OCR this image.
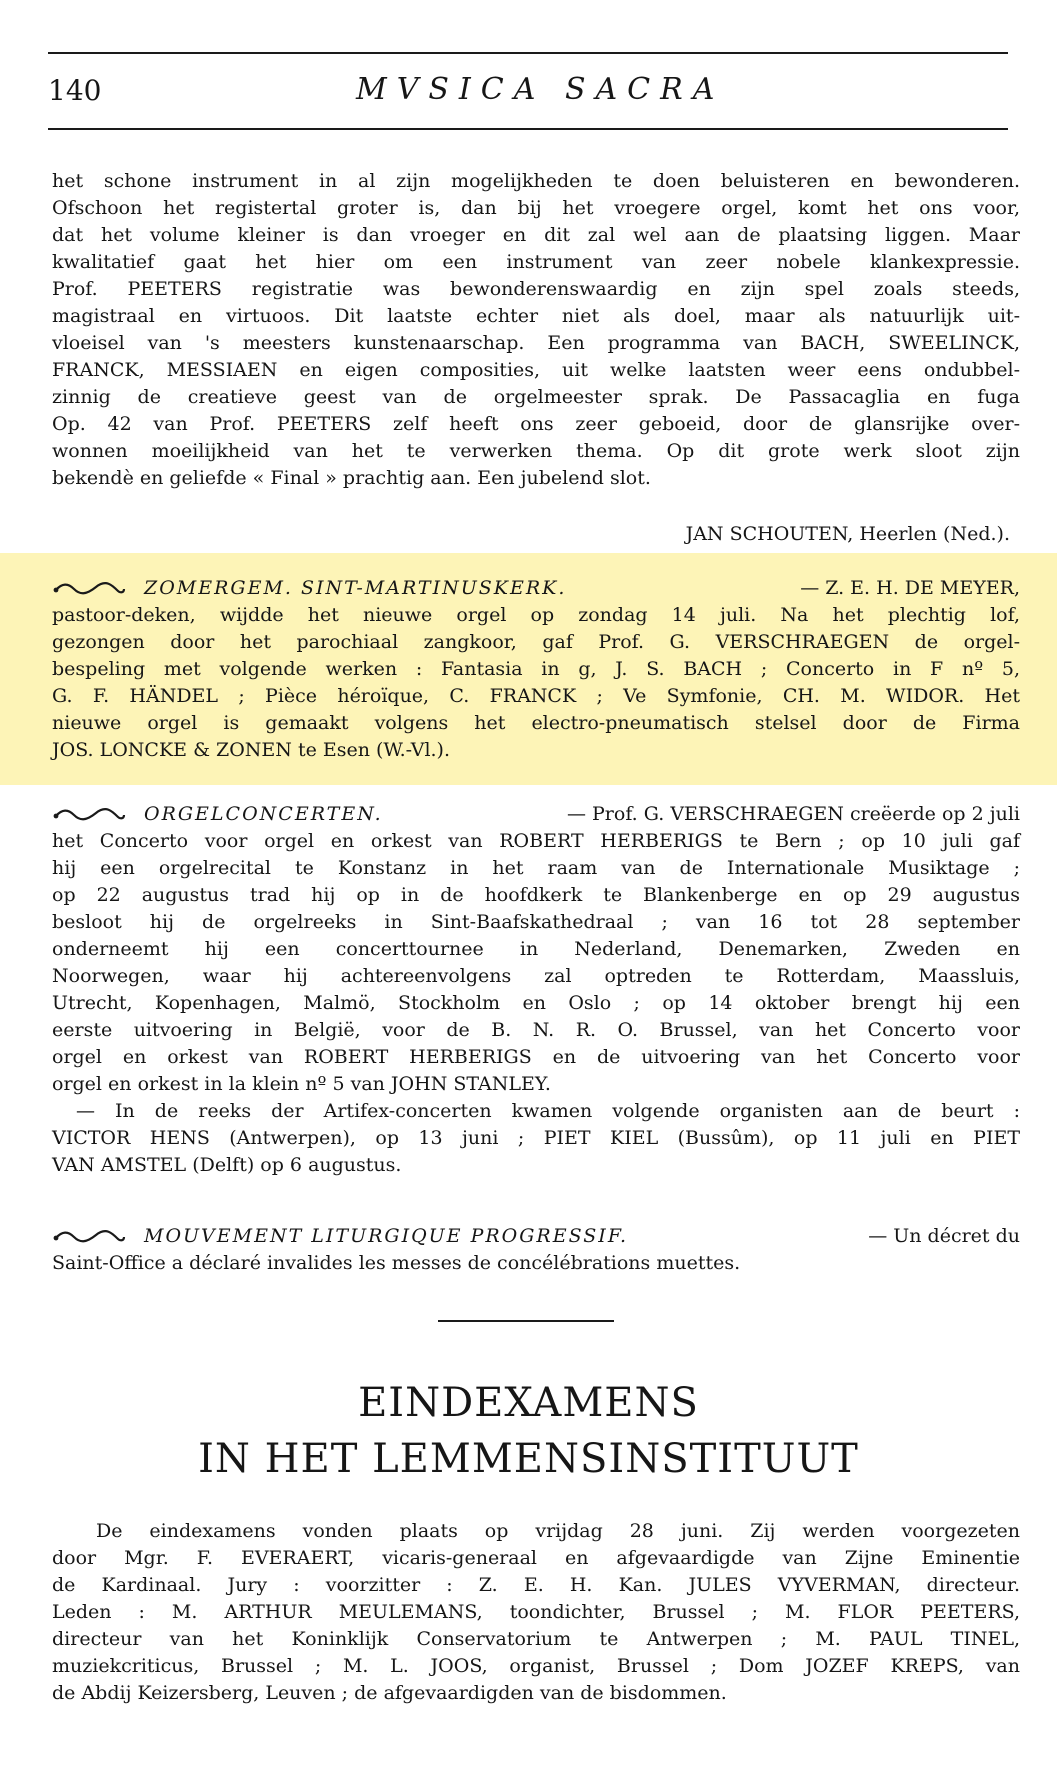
140	MVSICA SACRA
het schone instrument in al zijn mogelijkheden te doen beluisteren en bewonderen.
Ofschoon het registertal groter is, dan bij het vroegere orgel, komt het ons voor,
dat het volume kleiner is dan vroeger en dit zal wel aan de plaatsing liggen. Maar
kwalitatief gaat het hier om een instrument van zeer nobele klankexpressie.
Prof. PEETERS registratie was bewonderenswaardig en zijn spel zoals steeds,
magistraal en virtuoos. Dit laatste echter niet als doel, maar als natuurlijk uit-
vloeisel van 's meesters kunstenaarschap. Een programma van BACH, SWEELINCK,
FRANCK, MESSIAEN en eigen composities, uit welke laatsten weer eens ondubbel-
zinnig de creatieve geest van de orgelmeester sprak. De Passacaglia en fuga
Op. 42 van Prof. PEETERS zelf heeft ons zeer geboeid, door de glansrijke over-
wonnen moeilijkheid van het te verwerken thema. Op dit grote werk sloot zijn
bekendè en geliefde « Final » prachtig aan. Een jubelend slot.
JAN SCHOUTEN, Heerlen (Ned.).
ZOMERGEM. SINT-MARTINUSKERK.	— Z. E. H. DE MEYER,
pastoor-deken, wijdde het nieuwe orgel op zondag 14 juli. Na het plechtig lof,
gezongen door het parochiaal zangkoor, gaf Prof. G. VERSCHRAEGEN de orgel-
bespeling met volgende werken : Fantasia in g, J. S. BACH ; Concerto in F nº 5,
G. F. HÄNDEL ; Pièce héroïque, C. FRANCK ; Ve Symfonie, CH. M. WIDOR. Het
nieuwe orgel is gemaakt volgens het electro-pneumatisch stelsel door de Firma
JOS. LONCKE & ZONEN te Esen (W.-Vl.).
ORGELCONCERTEN.	— Prof. G. VERSCHRAEGEN creëerde op 2 juli
het Concerto voor orgel en orkest van ROBERT HERBERIGS te Bern ; op 10 juli gaf
hij een orgelrecital te Konstanz in het raam van de Internationale Musiktage ;
op 22 augustus trad hij op in de hoofdkerk te Blankenberge en op 29 augustus
besloot hij de orgelreeks in Sint-Baafskathedraal ; van 16 tot 28 september
onderneemt hij een concerttournee in Nederland, Denemarken, Zweden en
Noorwegen, waar hij achtereenvolgens zal optreden te Rotterdam, Maassluis,
Utrecht, Kopenhagen, Malmö, Stockholm en Oslo ; op 14 oktober brengt hij een
eerste uitvoering in België, voor de B. N. R. O. Brussel, van het Concerto voor
orgel en orkest van ROBERT HERBERIGS en de uitvoering van het Concerto voor
orgel en orkest in la klein nº 5 van JOHN STANLEY.
— In de reeks der Artifex-concerten kwamen volgende organisten aan de beurt :
VICTOR HENS (Antwerpen), op 13 juni ; PIET KIEL (Bussûm), op 11 juli en PIET
VAN AMSTEL (Delft) op 6 augustus.
MOUVEMENT LITURGIQUE PROGRESSIF.	— Un décret du
Saint-Office a déclaré invalides les messes de concélébrations muettes.
EINDEXAMENS
IN HET LEMMENSINSTITUUT
De eindexamens vonden plaats op vrijdag 28 juni. Zij werden voorgezeten
door Mgr. F. EVERAERT, vicaris-generaal en afgevaardigde van Zijne Eminentie
de Kardinaal. Jury : voorzitter : Z. E. H. Kan. JULES VYVERMAN, directeur.
Leden : M. ARTHUR MEULEMANS, toondichter, Brussel ; M. FLOR PEETERS,
directeur van het Koninklijk Conservatorium te Antwerpen ; M. PAUL TINEL,
muziekcriticus, Brussel ; M. L. JOOS, organist, Brussel ; Dom JOZEF KREPS, van
de Abdij Keizersberg, Leuven ; de afgevaardigden van de bisdommen.
